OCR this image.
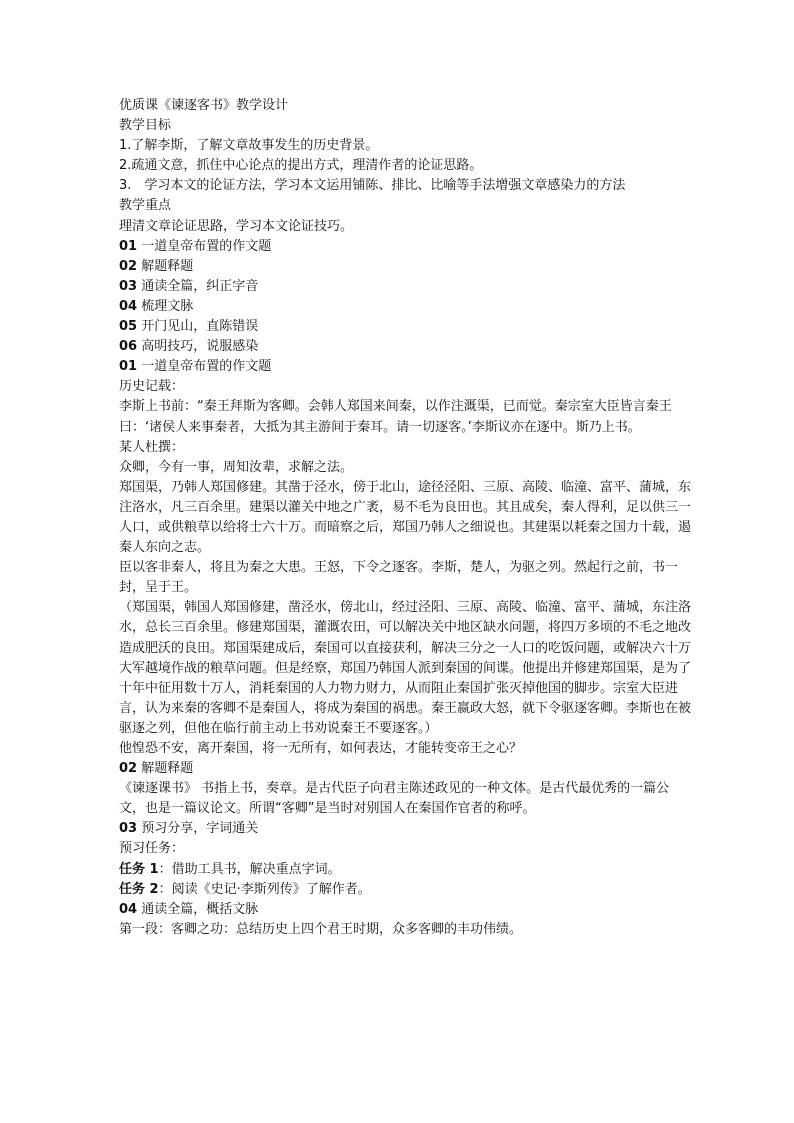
优质课《谏逐客书》教学设计

教学目标

1.了解李斯，了解文章故事发生的历史背景。

2.疏通文意，抓住中心论点的提出方式，理清作者的论证思路。

3.　学习本文的论证方法，学习本文运用铺陈、排比、比喻等手法增强文章感染力的方法

教学重点

理清文章论证思路，学习本文论证技巧。

01 一道皇帝布置的作文题

02 解题释题

03 通读全篇，纠正字音

04 梳理文脉

05 开门见山，直陈错误

06 高明技巧，说服感染

01 一道皇帝布置的作文题

历史记载：

李斯上书前：“秦王拜斯为客卿。会韩人郑国来间秦，以作注溉渠，已而觉。秦宗室大臣皆言秦王曰：‘诸侯人来事秦者，大抵为其主游间于秦耳。请一切逐客。’李斯议亦在逐中。斯乃上书。

某人杜撰：

众卿，今有一事，周知汝辈，求解之法。

郑国渠，乃韩人郑国修建。其凿于泾水，傍于北山，途径泾阳、三原、高陵、临潼、富平、蒲城，东注洛水，凡三百余里。建渠以灌关中地之广袤，易不毛为良田也。其且成矣，秦人得利，足以供三一人口，或供粮草以给将士六十万。而暗察之后，郑国乃韩人之细说也。其建渠以耗秦之国力十载，遏秦人东向之志。

臣以客非秦人，将且为秦之大患。王怒，下令之逐客。李斯，楚人，为驱之列。然起行之前，书一封，呈于王。

（郑国渠，韩国人郑国修建，凿泾水，傍北山，经过泾阳、三原、高陵、临潼、富平、蒲城，东注洛水，总长三百余里。修建郑国渠，灌溉农田，可以解决关中地区缺水问题，将四万多顷的不毛之地改造成肥沃的良田。郑国渠建成后，秦国可以直接获利，解决三分之一人口的吃饭问题，或解决六十万大军越境作战的粮草问题。但是经察，郑国乃韩国人派到秦国的间谍。他提出并修建郑国渠，是为了十年中征用数十万人，消耗秦国的人力物力财力，从而阻止秦国扩张灭掉他国的脚步。宗室大臣进言，认为来秦的客卿不是秦国人，将成为秦国的祸患。秦王嬴政大怒，就下令驱逐客卿。李斯也在被驱逐之列，但他在临行前主动上书劝说秦王不要逐客。）

他惶恐不安，离开秦国，将一无所有，如何表达，才能转变帝王之心？

02 解题释题

《谏逐课书》 书指上书，奏章。是古代臣子向君主陈述政见的一种文体。是古代最优秀的一篇公文，也是一篇议论文。所谓“客卿”是当时对别国人在秦国作官者的称呼。

03 预习分享，字词通关

预习任务：

任务 1：借助工具书，解决重点字词。

任务 2：阅读《史记·李斯列传》了解作者。

04 通读全篇，概括文脉

第一段：客卿之功：总结历史上四个君王时期，众多客卿的丰功伟绩。
